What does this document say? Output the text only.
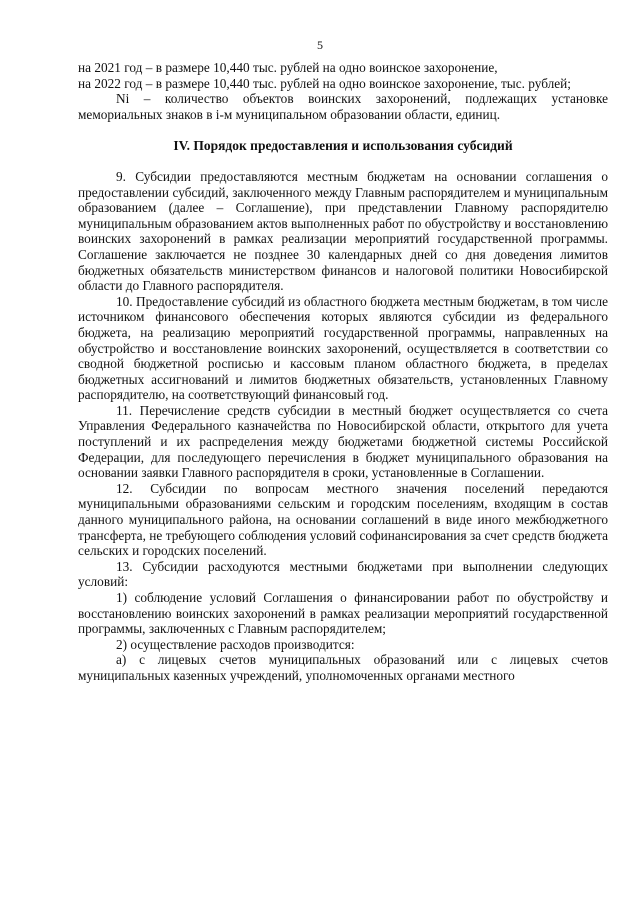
5

на 2021 год – в размере 10,440 тыс. рублей на одно воинское захоронение,

на 2022 год – в размере 10,440 тыс. рублей на одно воинское захоронение, тыс. рублей;

Ni – количество объектов воинских захоронений, подлежащих установке мемориальных знаков в i-м муниципальном образовании области, единиц.

IV. Порядок предоставления и использования субсидий

9. Субсидии предоставляются местным бюджетам на основании соглашения о предоставлении субсидий, заключенного между Главным распорядителем и муниципальным образованием (далее – Соглашение), при представлении Главному распорядителю муниципальным образованием актов выполненных работ по обустройству и восстановлению воинских захоронений в рамках реализации мероприятий государственной программы. Соглашение заключается не позднее 30 календарных дней со дня доведения лимитов бюджетных обязательств министерством финансов и налоговой политики Новосибирской области до Главного распорядителя.

10. Предоставление субсидий из областного бюджета местным бюджетам, в том числе источником финансового обеспечения которых являются субсидии из федерального бюджета, на реализацию мероприятий государственной программы, направленных на обустройство и восстановление воинских захоронений, осуществляется в соответствии со сводной бюджетной росписью и кассовым планом областного бюджета, в пределах бюджетных ассигнований и лимитов бюджетных обязательств, установленных Главному распорядителю, на соответствующий финансовый год.

11. Перечисление средств субсидии в местный бюджет осуществляется со счета Управления Федерального казначейства по Новосибирской области, открытого для учета поступлений и их распределения между бюджетами бюджетной системы Российской Федерации, для последующего перечисления в бюджет муниципального образования на основании заявки Главного распорядителя в сроки, установленные в Соглашении.

12. Субсидии по вопросам местного значения поселений передаются муниципальными образованиями сельским и городским поселениям, входящим в состав данного муниципального района, на основании соглашений в виде иного межбюджетного трансферта, не требующего соблюдения условий софинансирования за счет средств бюджета сельских и городских поселений.

13. Субсидии расходуются местными бюджетами при выполнении следующих условий:

1) соблюдение условий Соглашения о финансировании работ по обустройству и восстановлению воинских захоронений в рамках реализации мероприятий государственной программы, заключенных с Главным распорядителем;

2) осуществление расходов производится:

а) с лицевых счетов муниципальных образований или с лицевых счетов муниципальных казенных учреждений, уполномоченных органами местного
